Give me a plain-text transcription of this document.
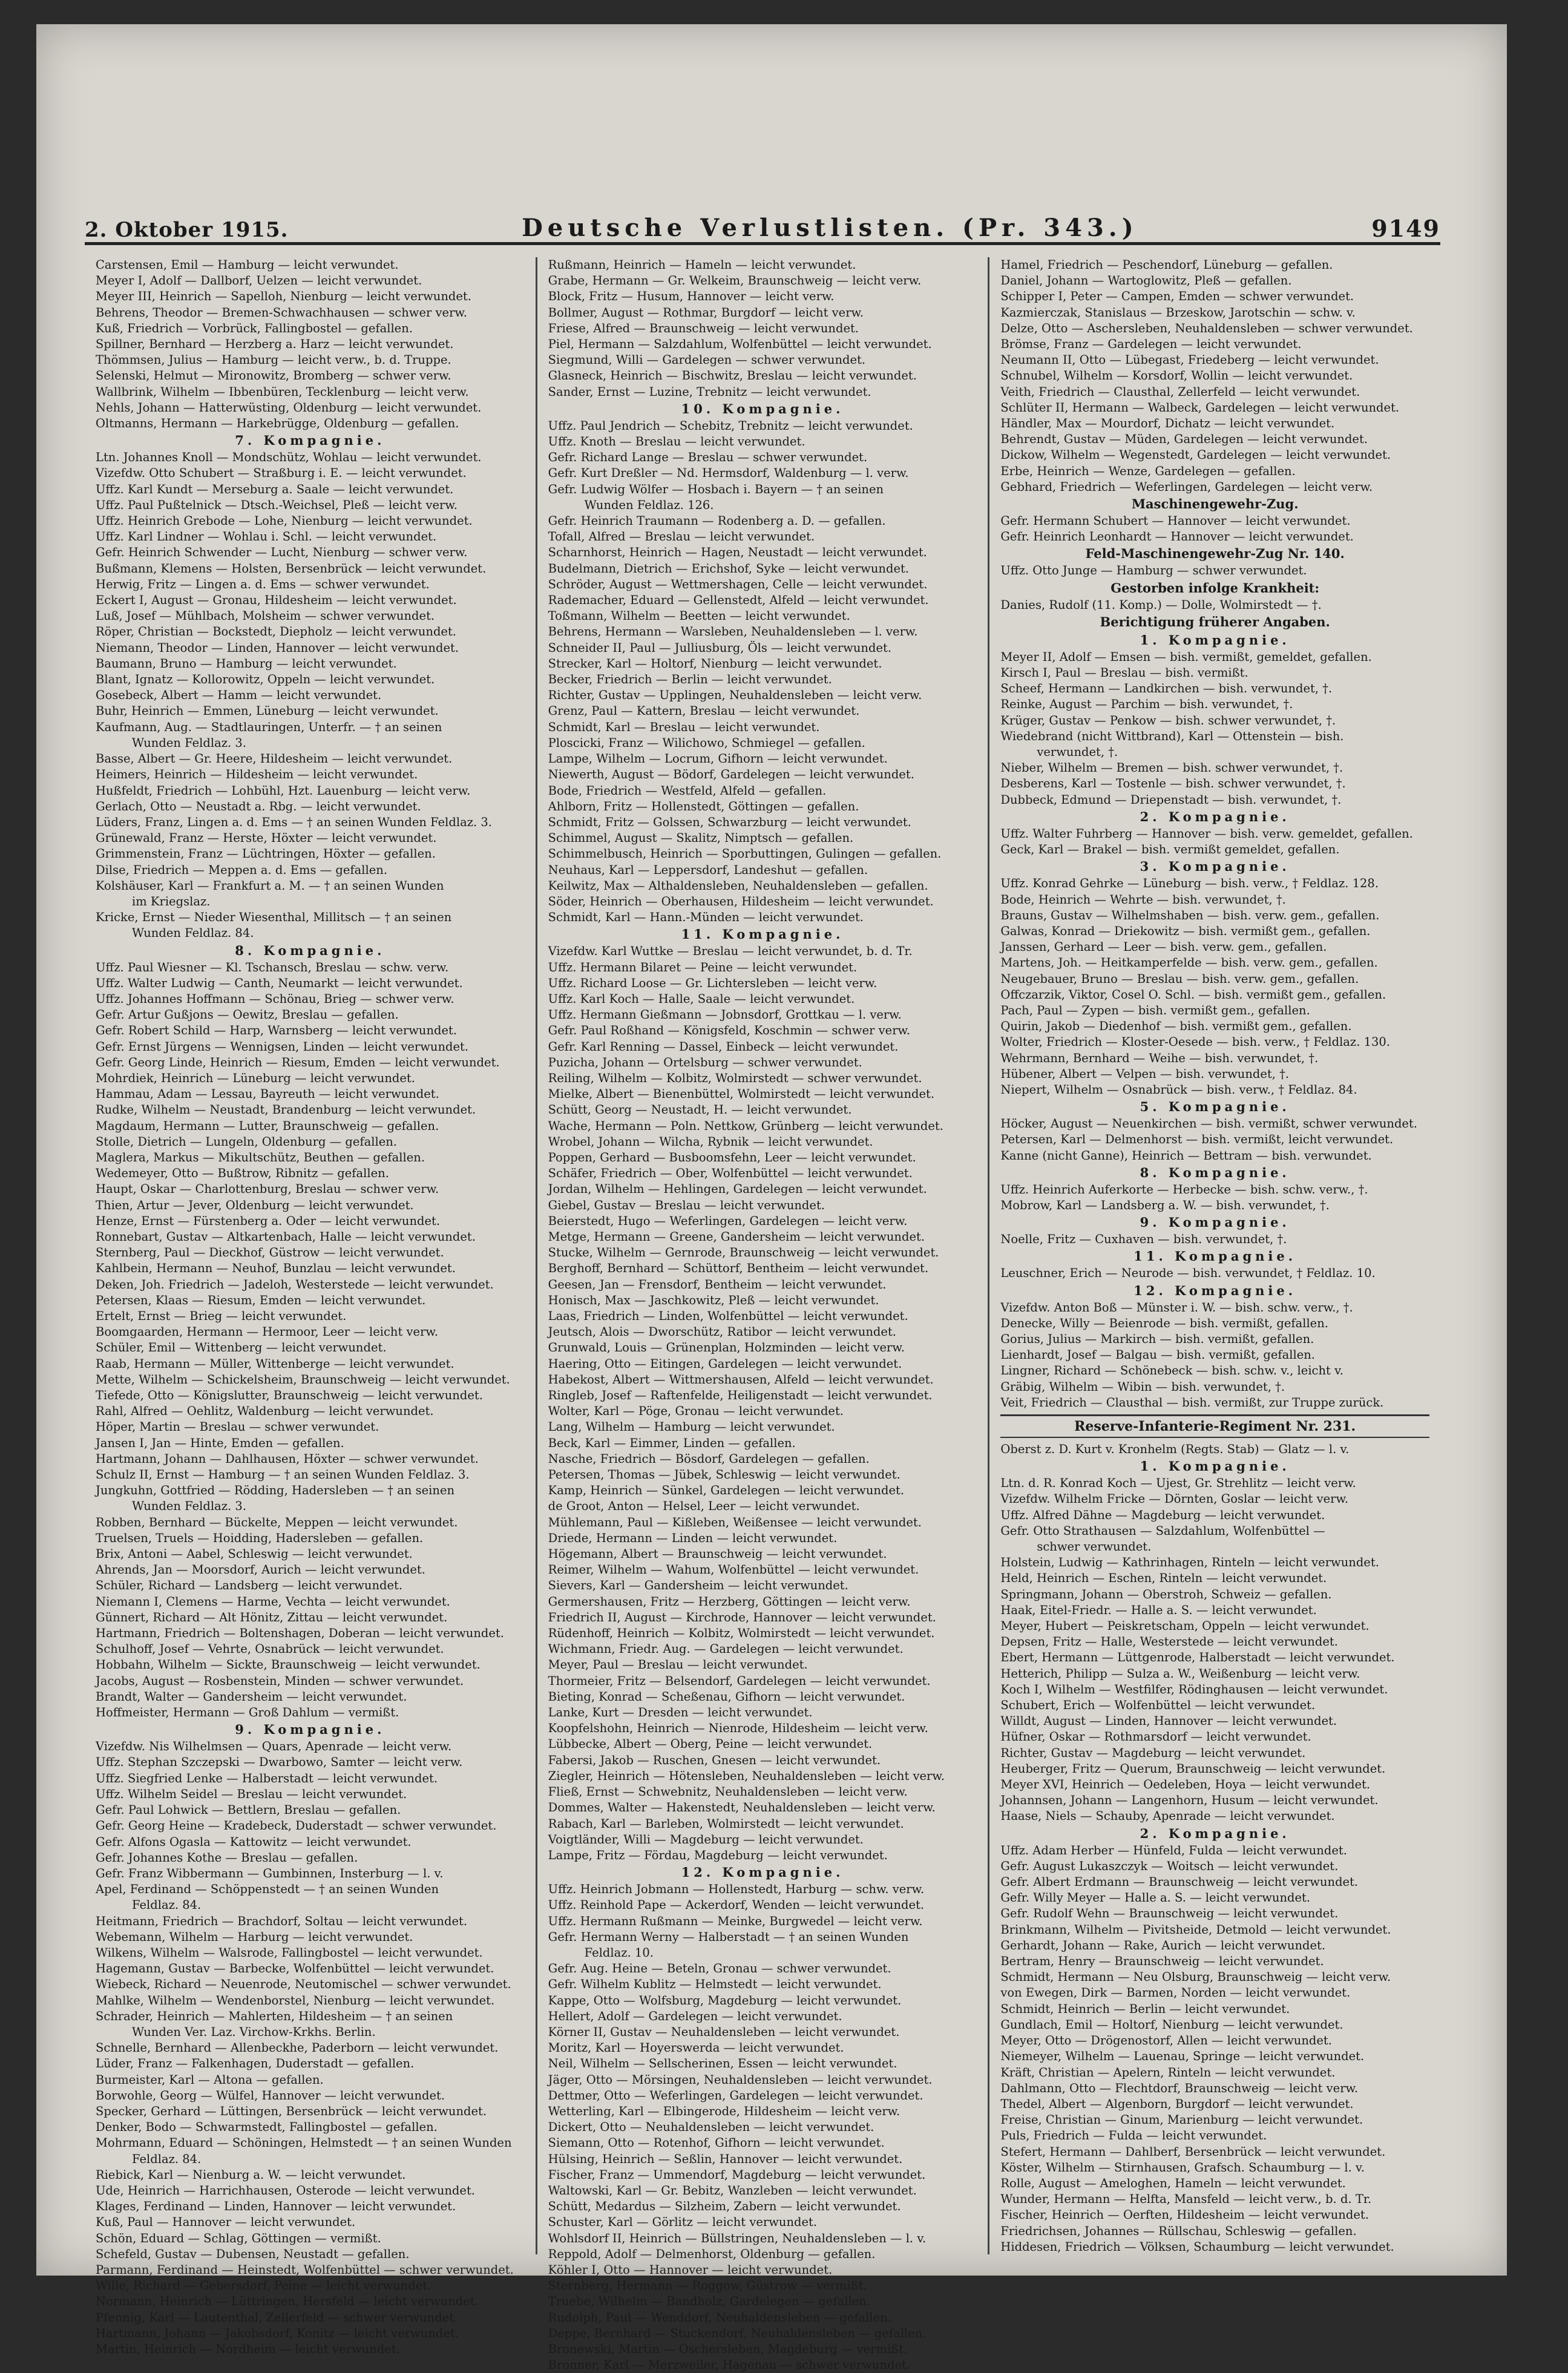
2. Oktober 1915.	Deutsche Verlustlisten. (Pr. 343.)	9149
Carstensen, Emil — Hamburg — leicht verwundet.
Meyer I, Adolf — Dallborf, Uelzen — leicht verwundet.
Meyer III, Heinrich — Sapelloh, Nienburg — leicht verwundet.
Behrens, Theodor — Bremen-Schwachhausen — schwer verw.
Kuß, Friedrich — Vorbrück, Fallingbostel — gefallen.
Spillner, Bernhard — Herzberg a. Harz — leicht verwundet.
Thömmsen, Julius — Hamburg — leicht verw., b. d. Truppe.
Selenski, Helmut — Mironowitz, Bromberg — schwer verw.
Wallbrink, Wilhelm — Ibbenbüren, Tecklenburg — leicht verw.
Nehls, Johann — Hatterwüsting, Oldenburg — leicht verwundet.
Oltmanns, Hermann — Harkebrügge, Oldenburg — gefallen.
7. Kompagnie.
Ltn. Johannes Knoll — Mondschütz, Wohlau — leicht verwundet.
Vizefdw. Otto Schubert — Straßburg i. E. — leicht verwundet.
Uffz. Karl Kundt — Merseburg a. Saale — leicht verwundet.
Uffz. Paul Pußtelnick — Dtsch.-Weichsel, Pleß — leicht verw.
Uffz. Heinrich Grebode — Lohe, Nienburg — leicht verwundet.
Uffz. Karl Lindner — Wohlau i. Schl. — leicht verwundet.
Gefr. Heinrich Schwender — Lucht, Nienburg — schwer verw.
Bußmann, Klemens — Holsten, Bersenbrück — leicht verwundet.
Herwig, Fritz — Lingen a. d. Ems — schwer verwundet.
Eckert I, August — Gronau, Hildesheim — leicht verwundet.
Luß, Josef — Mühlbach, Molsheim — schwer verwundet.
Röper, Christian — Bockstedt, Diepholz — leicht verwundet.
Niemann, Theodor — Linden, Hannover — leicht verwundet.
Baumann, Bruno — Hamburg — leicht verwundet.
Blant, Ignatz — Kollorowitz, Oppeln — leicht verwundet.
Gosebeck, Albert — Hamm — leicht verwundet.
Buhr, Heinrich — Emmen, Lüneburg — leicht verwundet.
Kaufmann, Aug. — Stadtlauringen, Unterfr. — † an seinen
Wunden Feldlaz. 3.
Basse, Albert — Gr. Heere, Hildesheim — leicht verwundet.
Heimers, Heinrich — Hildesheim — leicht verwundet.
Hußfeldt, Friedrich — Lohbühl, Hzt. Lauenburg — leicht verw.
Gerlach, Otto — Neustadt a. Rbg. — leicht verwundet.
Lüders, Franz, Lingen a. d. Ems — † an seinen Wunden Feldlaz. 3.
Grünewald, Franz — Herste, Höxter — leicht verwundet.
Grimmenstein, Franz — Lüchtringen, Höxter — gefallen.
Dilse, Friedrich — Meppen a. d. Ems — gefallen.
Kolshäuser, Karl — Frankfurt a. M. — † an seinen Wunden
im Kriegslaz.
Kricke, Ernst — Nieder Wiesenthal, Millitsch — † an seinen
Wunden Feldlaz. 84.
8. Kompagnie.
Uffz. Paul Wiesner — Kl. Tschansch, Breslau — schw. verw.
Uffz. Walter Ludwig — Canth, Neumarkt — leicht verwundet.
Uffz. Johannes Hoffmann — Schönau, Brieg — schwer verw.
Gefr. Artur Gußjons — Oewitz, Breslau — gefallen.
Gefr. Robert Schild — Harp, Warnsberg — leicht verwundet.
Gefr. Ernst Jürgens — Wennigsen, Linden — leicht verwundet.
Gefr. Georg Linde, Heinrich — Riesum, Emden — leicht verwundet.
Mohrdiek, Heinrich — Lüneburg — leicht verwundet.
Hammau, Adam — Lessau, Bayreuth — leicht verwundet.
Rudke, Wilhelm — Neustadt, Brandenburg — leicht verwundet.
Magdaum, Hermann — Lutter, Braunschweig — gefallen.
Stolle, Dietrich — Lungeln, Oldenburg — gefallen.
Maglera, Markus — Mikultschütz, Beuthen — gefallen.
Wedemeyer, Otto — Bußtrow, Ribnitz — gefallen.
Haupt, Oskar — Charlottenburg, Breslau — schwer verw.
Thien, Artur — Jever, Oldenburg — leicht verwundet.
Henze, Ernst — Fürstenberg a. Oder — leicht verwundet.
Ronnebart, Gustav — Altkartenbach, Halle — leicht verwundet.
Sternberg, Paul — Dieckhof, Güstrow — leicht verwundet.
Kahlbein, Hermann — Neuhof, Bunzlau — leicht verwundet.
Deken, Joh. Friedrich — Jadeloh, Westerstede — leicht verwundet.
Petersen, Klaas — Riesum, Emden — leicht verwundet.
Ertelt, Ernst — Brieg — leicht verwundet.
Boomgaarden, Hermann — Hermoor, Leer — leicht verw.
Schüler, Emil — Wittenberg — leicht verwundet.
Raab, Hermann — Müller, Wittenberge — leicht verwundet.
Mette, Wilhelm — Schickelsheim, Braunschweig — leicht verwundet.
Tiefede, Otto — Königslutter, Braunschweig — leicht verwundet.
Rahl, Alfred — Oehlitz, Waldenburg — leicht verwundet.
Höper, Martin — Breslau — schwer verwundet.
Jansen I, Jan — Hinte, Emden — gefallen.
Hartmann, Johann — Dahlhausen, Höxter — schwer verwundet.
Schulz II, Ernst — Hamburg — † an seinen Wunden Feldlaz. 3.
Jungkuhn, Gottfried — Rödding, Hadersleben — † an seinen
Wunden Feldlaz. 3.
Robben, Bernhard — Bückelte, Meppen — leicht verwundet.
Truelsen, Truels — Hoidding, Hadersleben — gefallen.
Brix, Antoni — Aabel, Schleswig — leicht verwundet.
Ahrends, Jan — Moorsdorf, Aurich — leicht verwundet.
Schüler, Richard — Landsberg — leicht verwundet.
Niemann I, Clemens — Harme, Vechta — leicht verwundet.
Günnert, Richard — Alt Hönitz, Zittau — leicht verwundet.
Hartmann, Friedrich — Boltenshagen, Doberan — leicht verwundet.
Schulhoff, Josef — Vehrte, Osnabrück — leicht verwundet.
Hobbahn, Wilhelm — Sickte, Braunschweig — leicht verwundet.
Jacobs, August — Rosbenstein, Minden — schwer verwundet.
Brandt, Walter — Gandersheim — leicht verwundet.
Hoffmeister, Hermann — Groß Dahlum — vermißt.
9. Kompagnie.
Vizefdw. Nis Wilhelmsen — Quars, Apenrade — leicht verw.
Uffz. Stephan Szczepski — Dwarbowo, Samter — leicht verw.
Uffz. Siegfried Lenke — Halberstadt — leicht verwundet.
Uffz. Wilhelm Seidel — Breslau — leicht verwundet.
Gefr. Paul Lohwick — Bettlern, Breslau — gefallen.
Gefr. Georg Heine — Kradebeck, Duderstadt — schwer verwundet.
Gefr. Alfons Ogasla — Kattowitz — leicht verwundet.
Gefr. Johannes Kothe — Breslau — gefallen.
Gefr. Franz Wibbermann — Gumbinnen, Insterburg — l. v.
Apel, Ferdinand — Schöppenstedt — † an seinen Wunden
Feldlaz. 84.
Heitmann, Friedrich — Brachdorf, Soltau — leicht verwundet.
Webemann, Wilhelm — Harburg — leicht verwundet.
Wilkens, Wilhelm — Walsrode, Fallingbostel — leicht verwundet.
Hagemann, Gustav — Barbecke, Wolfenbüttel — leicht verwundet.
Wiebeck, Richard — Neuenrode, Neutomischel — schwer verwundet.
Mahlke, Wilhelm — Wendenborstel, Nienburg — leicht verwundet.
Schrader, Heinrich — Mahlerten, Hildesheim — † an seinen
Wunden Ver. Laz. Virchow-Krkhs. Berlin.
Schnelle, Bernhard — Allenbeckhe, Paderborn — leicht verwundet.
Lüder, Franz — Falkenhagen, Duderstadt — gefallen.
Burmeister, Karl — Altona — gefallen.
Borwohle, Georg — Wülfel, Hannover — leicht verwundet.
Specker, Gerhard — Lüttingen, Bersenbrück — leicht verwundet.
Denker, Bodo — Schwarmstedt, Fallingbostel — gefallen.
Mohrmann, Eduard — Schöningen, Helmstedt — † an seinen Wunden
Feldlaz. 84.
Riebick, Karl — Nienburg a. W. — leicht verwundet.
Ude, Heinrich — Harrichhausen, Osterode — leicht verwundet.
Klages, Ferdinand — Linden, Hannover — leicht verwundet.
Kuß, Paul — Hannover — leicht verwundet.
Schön, Eduard — Schlag, Göttingen — vermißt.
Schefeld, Gustav — Dubensen, Neustadt — gefallen.
Parmann, Ferdinand — Heinstedt, Wolfenbüttel — schwer verwundet.
Wille, Richard — Gebersdorf, Peine — leicht verwundet.
Normann, Heinrich — Lüttringen, Hersfeld — leicht verwundet.
Pfennig, Karl — Lautenthal, Zellerfeld — schwer verwundet.
Hartmann, Johann — Jakobsdorf, Konitz — leicht verwundet.
Martin, Heinrich — Nordheim — leicht verwundet.
Rußmann, Heinrich — Hameln — leicht verwundet.
Grabe, Hermann — Gr. Welkeim, Braunschweig — leicht verw.
Block, Fritz — Husum, Hannover — leicht verw.
Bollmer, August — Rothmar, Burgdorf — leicht verw.
Friese, Alfred — Braunschweig — leicht verwundet.
Piel, Hermann — Salzdahlum, Wolfenbüttel — leicht verwundet.
Siegmund, Willi — Gardelegen — schwer verwundet.
Glasneck, Heinrich — Bischwitz, Breslau — leicht verwundet.
Sander, Ernst — Luzine, Trebnitz — leicht verwundet.
10. Kompagnie.
Uffz. Paul Jendrich — Schebitz, Trebnitz — leicht verwundet.
Uffz. Knoth — Breslau — leicht verwundet.
Gefr. Richard Lange — Breslau — schwer verwundet.
Gefr. Kurt Dreßler — Nd. Hermsdorf, Waldenburg — l. verw.
Gefr. Ludwig Wölfer — Hosbach i. Bayern — † an seinen
Wunden Feldlaz. 126.
Gefr. Heinrich Traumann — Rodenberg a. D. — gefallen.
Tofall, Alfred — Breslau — leicht verwundet.
Scharnhorst, Heinrich — Hagen, Neustadt — leicht verwundet.
Budelmann, Dietrich — Erichshof, Syke — leicht verwundet.
Schröder, August — Wettmershagen, Celle — leicht verwundet.
Rademacher, Eduard — Gellenstedt, Alfeld — leicht verwundet.
Toßmann, Wilhelm — Beetten — leicht verwundet.
Behrens, Hermann — Warsleben, Neuhaldensleben — l. verw.
Schneider II, Paul — Julliusburg, Öls — leicht verwundet.
Strecker, Karl — Holtorf, Nienburg — leicht verwundet.
Becker, Friedrich — Berlin — leicht verwundet.
Richter, Gustav — Upplingen, Neuhaldensleben — leicht verw.
Grenz, Paul — Kattern, Breslau — leicht verwundet.
Schmidt, Karl — Breslau — leicht verwundet.
Ploscicki, Franz — Wilichowo, Schmiegel — gefallen.
Lampe, Wilhelm — Locrum, Gifhorn — leicht verwundet.
Niewerth, August — Bödorf, Gardelegen — leicht verwundet.
Bode, Friedrich — Westfeld, Alfeld — gefallen.
Ahlborn, Fritz — Hollenstedt, Göttingen — gefallen.
Schmidt, Fritz — Golssen, Schwarzburg — leicht verwundet.
Schimmel, August — Skalitz, Nimptsch — gefallen.
Schimmelbusch, Heinrich — Sporbuttingen, Gulingen — gefallen.
Neuhaus, Karl — Leppersdorf, Landeshut — gefallen.
Keilwitz, Max — Althaldensleben, Neuhaldensleben — gefallen.
Söder, Heinrich — Oberhausen, Hildesheim — leicht verwundet.
Schmidt, Karl — Hann.-Münden — leicht verwundet.
11. Kompagnie.
Vizefdw. Karl Wuttke — Breslau — leicht verwundet, b. d. Tr.
Uffz. Hermann Bilaret — Peine — leicht verwundet.
Uffz. Richard Loose — Gr. Lichtersleben — leicht verw.
Uffz. Karl Koch — Halle, Saale — leicht verwundet.
Uffz. Hermann Gießmann — Jobnsdorf, Grottkau — l. verw.
Gefr. Paul Roßhand — Königsfeld, Koschmin — schwer verw.
Gefr. Karl Renning — Dassel, Einbeck — leicht verwundet.
Puzicha, Johann — Ortelsburg — schwer verwundet.
Reiling, Wilhelm — Kolbitz, Wolmirstedt — schwer verwundet.
Mielke, Albert — Bienenbüttel, Wolmirstedt — leicht verwundet.
Schütt, Georg — Neustadt, H. — leicht verwundet.
Wache, Hermann — Poln. Nettkow, Grünberg — leicht verwundet.
Wrobel, Johann — Wilcha, Rybnik — leicht verwundet.
Poppen, Gerhard — Busboomsfehn, Leer — leicht verwundet.
Schäfer, Friedrich — Ober, Wolfenbüttel — leicht verwundet.
Jordan, Wilhelm — Hehlingen, Gardelegen — leicht verwundet.
Giebel, Gustav — Breslau — leicht verwundet.
Beierstedt, Hugo — Weferlingen, Gardelegen — leicht verw.
Metge, Hermann — Greene, Gandersheim — leicht verwundet.
Stucke, Wilhelm — Gernrode, Braunschweig — leicht verwundet.
Berghoff, Bernhard — Schüttorf, Bentheim — leicht verwundet.
Geesen, Jan — Frensdorf, Bentheim — leicht verwundet.
Honisch, Max — Jaschkowitz, Pleß — leicht verwundet.
Laas, Friedrich — Linden, Wolfenbüttel — leicht verwundet.
Jeutsch, Alois — Dworschütz, Ratibor — leicht verwundet.
Grunwald, Louis — Grünenplan, Holzminden — leicht verw.
Haering, Otto — Eitingen, Gardelegen — leicht verwundet.
Habekost, Albert — Wittmershausen, Alfeld — leicht verwundet.
Ringleb, Josef — Raftenfelde, Heiligenstadt — leicht verwundet.
Wolter, Karl — Pöge, Gronau — leicht verwundet.
Lang, Wilhelm — Hamburg — leicht verwundet.
Beck, Karl — Eimmer, Linden — gefallen.
Nasche, Friedrich — Bösdorf, Gardelegen — gefallen.
Petersen, Thomas — Jübek, Schleswig — leicht verwundet.
Kamp, Heinrich — Sünkel, Gardelegen — leicht verwundet.
de Groot, Anton — Helsel, Leer — leicht verwundet.
Mühlemann, Paul — Kißleben, Weißensee — leicht verwundet.
Driede, Hermann — Linden — leicht verwundet.
Högemann, Albert — Braunschweig — leicht verwundet.
Reimer, Wilhelm — Wahum, Wolfenbüttel — leicht verwundet.
Sievers, Karl — Gandersheim — leicht verwundet.
Germershausen, Fritz — Herzberg, Göttingen — leicht verw.
Friedrich II, August — Kirchrode, Hannover — leicht verwundet.
Rüdenhoff, Heinrich — Kolbitz, Wolmirstedt — leicht verwundet.
Wichmann, Friedr. Aug. — Gardelegen — leicht verwundet.
Meyer, Paul — Breslau — leicht verwundet.
Thormeier, Fritz — Belsendorf, Gardelegen — leicht verwundet.
Bieting, Konrad — Scheßenau, Gifhorn — leicht verwundet.
Lanke, Kurt — Dresden — leicht verwundet.
Koopfelshohn, Heinrich — Nienrode, Hildesheim — leicht verw.
Lübbecke, Albert — Oberg, Peine — leicht verwundet.
Fabersi, Jakob — Ruschen, Gnesen — leicht verwundet.
Ziegler, Heinrich — Hötensleben, Neuhaldensleben — leicht verw.
Fließ, Ernst — Schwebnitz, Neuhaldensleben — leicht verw.
Dommes, Walter — Hakenstedt, Neuhaldensleben — leicht verw.
Rabach, Karl — Barleben, Wolmirstedt — leicht verwundet.
Voigtländer, Willi — Magdeburg — leicht verwundet.
Lampe, Fritz — Fördau, Magdeburg — leicht verwundet.
12. Kompagnie.
Uffz. Heinrich Jobmann — Hollenstedt, Harburg — schw. verw.
Uffz. Reinhold Pape — Ackerdorf, Wenden — leicht verwundet.
Uffz. Hermann Rußmann — Meinke, Burgwedel — leicht verw.
Gefr. Hermann Werny — Halberstadt — † an seinen Wunden
Feldlaz. 10.
Gefr. Aug. Heine — Beteln, Gronau — schwer verwundet.
Gefr. Wilhelm Kublitz — Helmstedt — leicht verwundet.
Kappe, Otto — Wolfsburg, Magdeburg — leicht verwundet.
Hellert, Adolf — Gardelegen — leicht verwundet.
Körner II, Gustav — Neuhaldensleben — leicht verwundet.
Moritz, Karl — Hoyerswerda — leicht verwundet.
Neil, Wilhelm — Sellscherinen, Essen — leicht verwundet.
Jäger, Otto — Mörsingen, Neuhaldensleben — leicht verwundet.
Dettmer, Otto — Weferlingen, Gardelegen — leicht verwundet.
Wetterling, Karl — Elbingerode, Hildesheim — leicht verw.
Dickert, Otto — Neuhaldensleben — leicht verwundet.
Siemann, Otto — Rotenhof, Gifhorn — leicht verwundet.
Hülsing, Heinrich — Seßlin, Hannover — leicht verwundet.
Fischer, Franz — Ummendorf, Magdeburg — leicht verwundet.
Waltowski, Karl — Gr. Bebitz, Wanzleben — leicht verwundet.
Schütt, Medardus — Silzheim, Zabern — leicht verwundet.
Schuster, Karl — Görlitz — leicht verwundet.
Wohlsdorf II, Heinrich — Büllstringen, Neuhaldensleben — l. v.
Reppold, Adolf — Delmenhorst, Oldenburg — gefallen.
Köhler I, Otto — Hannover — leicht verwundet.
Sternberg, Hermann — Roggow, Güstrow — vermißt.
Truebe, Wilhelm — Bandholz, Gardelegen — gefallen.
Rudolph, Paul — Wenddorf, Neuhaldensleben — gefallen.
Deppe, Bernhard — Stuckendorf, Neuhaldensleben — gefallen.
Bronewski, Martin — Oschersleben, Magdeburg — vermißt.
Bronner, Karl — Merzweiler, Hagenau — schwer verwundet.
Hamel, Friedrich — Peschendorf, Lüneburg — gefallen.
Daniel, Johann — Wartoglowitz, Pleß — gefallen.
Schipper I, Peter — Campen, Emden — schwer verwundet.
Kazmierczak, Stanislaus — Brzeskow, Jarotschin — schw. v.
Delze, Otto — Aschersleben, Neuhaldensleben — schwer verwundet.
Brömse, Franz — Gardelegen — leicht verwundet.
Neumann II, Otto — Lübegast, Friedeberg — leicht verwundet.
Schnubel, Wilhelm — Korsdorf, Wollin — leicht verwundet.
Veith, Friedrich — Clausthal, Zellerfeld — leicht verwundet.
Schlüter II, Hermann — Walbeck, Gardelegen — leicht verwundet.
Händler, Max — Mourdorf, Dichatz — leicht verwundet.
Behrendt, Gustav — Müden, Gardelegen — leicht verwundet.
Dickow, Wilhelm — Wegenstedt, Gardelegen — leicht verwundet.
Erbe, Heinrich — Wenze, Gardelegen — gefallen.
Gebhard, Friedrich — Weferlingen, Gardelegen — leicht verw.
Maschinengewehr-Zug.
Gefr. Hermann Schubert — Hannover — leicht verwundet.
Gefr. Heinrich Leonhardt — Hannover — leicht verwundet.
Feld-Maschinengewehr-Zug Nr. 140.
Uffz. Otto Junge — Hamburg — schwer verwundet.
Gestorben infolge Krankheit:
Danies, Rudolf (11. Komp.) — Dolle, Wolmirstedt — †.
Berichtigung früherer Angaben.
1. Kompagnie.
Meyer II, Adolf — Emsen — bish. vermißt, gemeldet, gefallen.
Kirsch I, Paul — Breslau — bish. vermißt.
Scheef, Hermann — Landkirchen — bish. verwundet, †.
Reinke, August — Parchim — bish. verwundet, †.
Krüger, Gustav — Penkow — bish. schwer verwundet, †.
Wiedebrand (nicht Wittbrand), Karl — Ottenstein — bish.
verwundet, †.
Nieber, Wilhelm — Bremen — bish. schwer verwundet, †.
Desberens, Karl — Tostenle — bish. schwer verwundet, †.
Dubbeck, Edmund — Driepenstadt — bish. verwundet, †.
2. Kompagnie.
Uffz. Walter Fuhrberg — Hannover — bish. verw. gemeldet, gefallen.
Geck, Karl — Brakel — bish. vermißt gemeldet, gefallen.
3. Kompagnie.
Uffz. Konrad Gehrke — Lüneburg — bish. verw., † Feldlaz. 128.
Bode, Heinrich — Wehrte — bish. verwundet, †.
Brauns, Gustav — Wilhelmshaben — bish. verw. gem., gefallen.
Galwas, Konrad — Driekowitz — bish. vermißt gem., gefallen.
Janssen, Gerhard — Leer — bish. verw. gem., gefallen.
Martens, Joh. — Heitkamperfelde — bish. verw. gem., gefallen.
Neugebauer, Bruno — Breslau — bish. verw. gem., gefallen.
Offczarzik, Viktor, Cosel O. Schl. — bish. vermißt gem., gefallen.
Pach, Paul — Zypen — bish. vermißt gem., gefallen.
Quirin, Jakob — Diedenhof — bish. vermißt gem., gefallen.
Wolter, Friedrich — Kloster-Oesede — bish. verw., † Feldlaz. 130.
Wehrmann, Bernhard — Weihe — bish. verwundet, †.
Hübener, Albert — Velpen — bish. verwundet, †.
Niepert, Wilhelm — Osnabrück — bish. verw., † Feldlaz. 84.
5. Kompagnie.
Höcker, August — Neuenkirchen — bish. vermißt, schwer verwundet.
Petersen, Karl — Delmenhorst — bish. vermißt, leicht verwundet.
Kanne (nicht Ganne), Heinrich — Bettram — bish. verwundet.
8. Kompagnie.
Uffz. Heinrich Auferkorte — Herbecke — bish. schw. verw., †.
Mobrow, Karl — Landsberg a. W. — bish. verwundet, †.
9. Kompagnie.
Noelle, Fritz — Cuxhaven — bish. verwundet, †.
11. Kompagnie.
Leuschner, Erich — Neurode — bish. verwundet, † Feldlaz. 10.
12. Kompagnie.
Vizefdw. Anton Boß — Münster i. W. — bish. schw. verw., †.
Denecke, Willy — Beienrode — bish. vermißt, gefallen.
Gorius, Julius — Markirch — bish. vermißt, gefallen.
Lienhardt, Josef — Balgau — bish. vermißt, gefallen.
Lingner, Richard — Schönebeck — bish. schw. v., leicht v.
Gräbig, Wilhelm — Wibin — bish. verwundet, †.
Veit, Friedrich — Clausthal — bish. vermißt, zur Truppe zurück.
Reserve-Infanterie-Regiment Nr. 231.
Oberst z. D. Kurt v. Kronhelm (Regts. Stab) — Glatz — l. v.
1. Kompagnie.
Ltn. d. R. Konrad Koch — Ujest, Gr. Strehlitz — leicht verw.
Vizefdw. Wilhelm Fricke — Dörnten, Goslar — leicht verw.
Uffz. Alfred Dähne — Magdeburg — leicht verwundet.
Gefr. Otto Strathausen — Salzdahlum, Wolfenbüttel —
schwer verwundet.
Holstein, Ludwig — Kathrinhagen, Rinteln — leicht verwundet.
Held, Heinrich — Eschen, Rinteln — leicht verwundet.
Springmann, Johann — Oberstroh, Schweiz — gefallen.
Haak, Eitel-Friedr. — Halle a. S. — leicht verwundet.
Meyer, Hubert — Peiskretscham, Oppeln — leicht verwundet.
Depsen, Fritz — Halle, Westerstede — leicht verwundet.
Ebert, Hermann — Lüttgenrode, Halberstadt — leicht verwundet.
Hetterich, Philipp — Sulza a. W., Weißenburg — leicht verw.
Koch I, Wilhelm — Westfilfer, Rödinghausen — leicht verwundet.
Schubert, Erich — Wolfenbüttel — leicht verwundet.
Willdt, August — Linden, Hannover — leicht verwundet.
Hüfner, Oskar — Rothmarsdorf — leicht verwundet.
Richter, Gustav — Magdeburg — leicht verwundet.
Heuberger, Fritz — Querum, Braunschweig — leicht verwundet.
Meyer XVI, Heinrich — Oedeleben, Hoya — leicht verwundet.
Johannsen, Johann — Langenhorn, Husum — leicht verwundet.
Haase, Niels — Schauby, Apenrade — leicht verwundet.
2. Kompagnie.
Uffz. Adam Herber — Hünfeld, Fulda — leicht verwundet.
Gefr. August Lukaszczyk — Woitsch — leicht verwundet.
Gefr. Albert Erdmann — Braunschweig — leicht verwundet.
Gefr. Willy Meyer — Halle a. S. — leicht verwundet.
Gefr. Rudolf Wehn — Braunschweig — leicht verwundet.
Brinkmann, Wilhelm — Pivitsheide, Detmold — leicht verwundet.
Gerhardt, Johann — Rake, Aurich — leicht verwundet.
Bertram, Henry — Braunschweig — leicht verwundet.
Schmidt, Hermann — Neu Olsburg, Braunschweig — leicht verw.
von Ewegen, Dirk — Barmen, Norden — leicht verwundet.
Schmidt, Heinrich — Berlin — leicht verwundet.
Gundlach, Emil — Holtorf, Nienburg — leicht verwundet.
Meyer, Otto — Drögenostorf, Allen — leicht verwundet.
Niemeyer, Wilhelm — Lauenau, Springe — leicht verwundet.
Kräft, Christian — Apelern, Rinteln — leicht verwundet.
Dahlmann, Otto — Flechtdorf, Braunschweig — leicht verw.
Thedel, Albert — Algenborn, Burgdorf — leicht verwundet.
Freise, Christian — Ginum, Marienburg — leicht verwundet.
Puls, Friedrich — Fulda — leicht verwundet.
Stefert, Hermann — Dahlberf, Bersenbrück — leicht verwundet.
Köster, Wilhelm — Stirnhausen, Grafsch. Schaumburg — l. v.
Rolle, August — Ameloghen, Hameln — leicht verwundet.
Wunder, Hermann — Helfta, Mansfeld — leicht verw., b. d. Tr.
Fischer, Heinrich — Oerften, Hildesheim — leicht verwundet.
Friedrichsen, Johannes — Rüllschau, Schleswig — gefallen.
Hiddesen, Friedrich — Völksen, Schaumburg — leicht verwundet.
